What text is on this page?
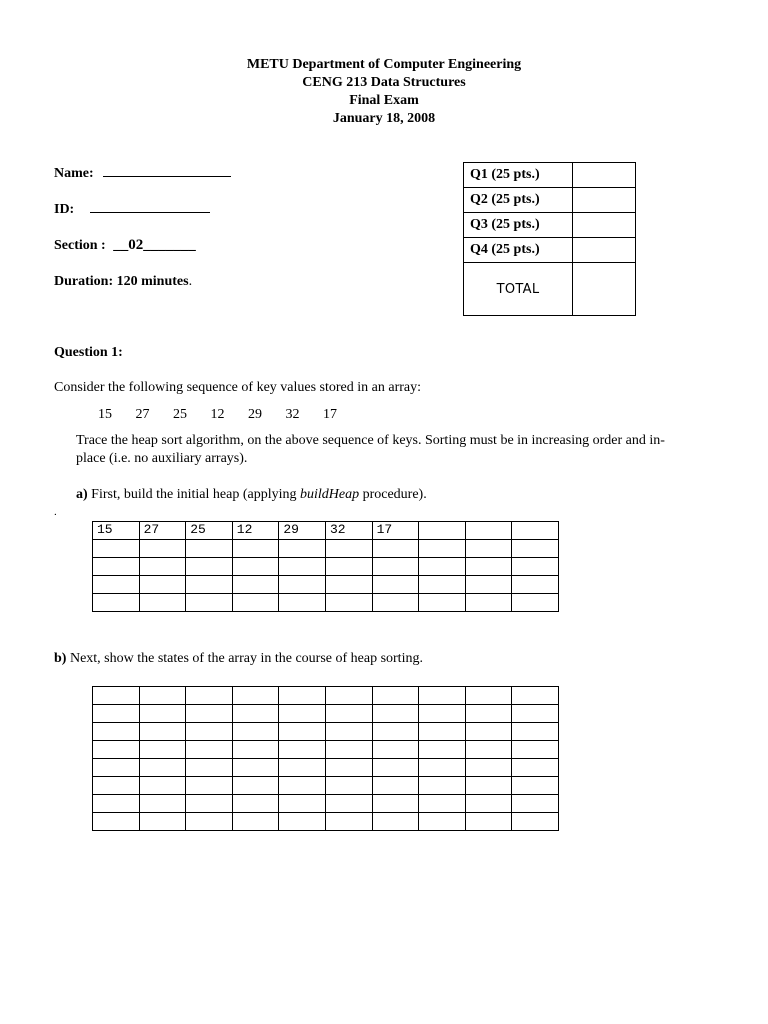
METU Department of Computer Engineering
CENG 213 Data Structures
Final Exam
January 18, 2008
Name:
ID:
Section : __02_______
Duration: 120 minutes.
Q1 (25 pts.)	
Q2 (25 pts.)	
Q3 (25 pts.)	
Q4 (25 pts.)	
TOTAL	
Question 1:
Consider the following sequence of key values stored in an array:
15 27 25 12 29 32 17
Trace the heap sort algorithm, on the above sequence of keys. Sorting must be in increasing order and in-
place (i.e. no auxiliary arrays).
a) First, build the initial heap (applying buildHeap procedure).
.
15	27	25	12	29	32	17			

b) Next, show the states of the array in the course of heap sorting.
